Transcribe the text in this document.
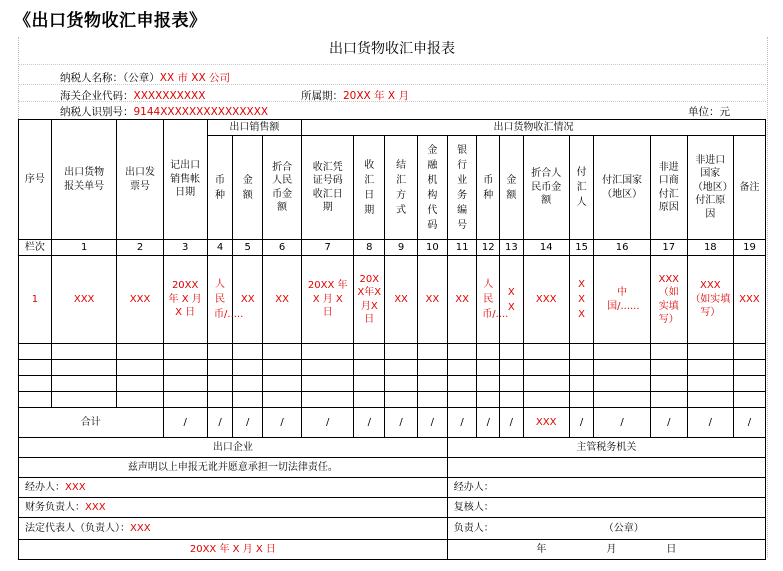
《出口货物收汇申报表》
出口货物收汇申报表
纳税人名称：（公章）XX 市 XX 公司
海关企业代码：XXXXXXXXXX	所属期：20XX 年 X 月
纳税人识别号：9144XXXXXXXXXXXXXXX	单位：元
序号	出口货物报关单号	出口发票号	记出口销售帐日期	出口销售额			出口货物收汇情况												
				币种	金额	折合人民币金额	收汇凭证号码收汇日期	收汇日期	结汇方式	金融机构代码	银行业务编号	币种	金额	折合人民币金额	付汇人	付汇国家（地区）	非进口商付汇原因	非进口国家（地区）付汇原因	备注
栏次	1	2	3	4	5	6	7	8	9	10	11	12	13	14	15	16	17	18	19
1	XXX	XXX	20XX 年 X 月 X 日	人民币/.....	XX	XX	20XX 年 X 月 X 日	20XX年X月X日	XX	XX	XX	人民币/....	XX	XXX	XX X	中国/......	XXX（如实填写）	XXX（如实填写）	XXX

合计			/	/	/	/	/	/	/	/	/	/	/	XXX	/	/	/	/	/
出口企业											主管税务机关								
兹声明以上申报无讹并愿意承担一切法律责任。																			
经办人：XXX											经办人：								
财务负责人：XXX											复核人：								
法定代表人（负责人）：XXX											负责人： （公章）								
20XX 年 X 月 X 日											年 月 日								
